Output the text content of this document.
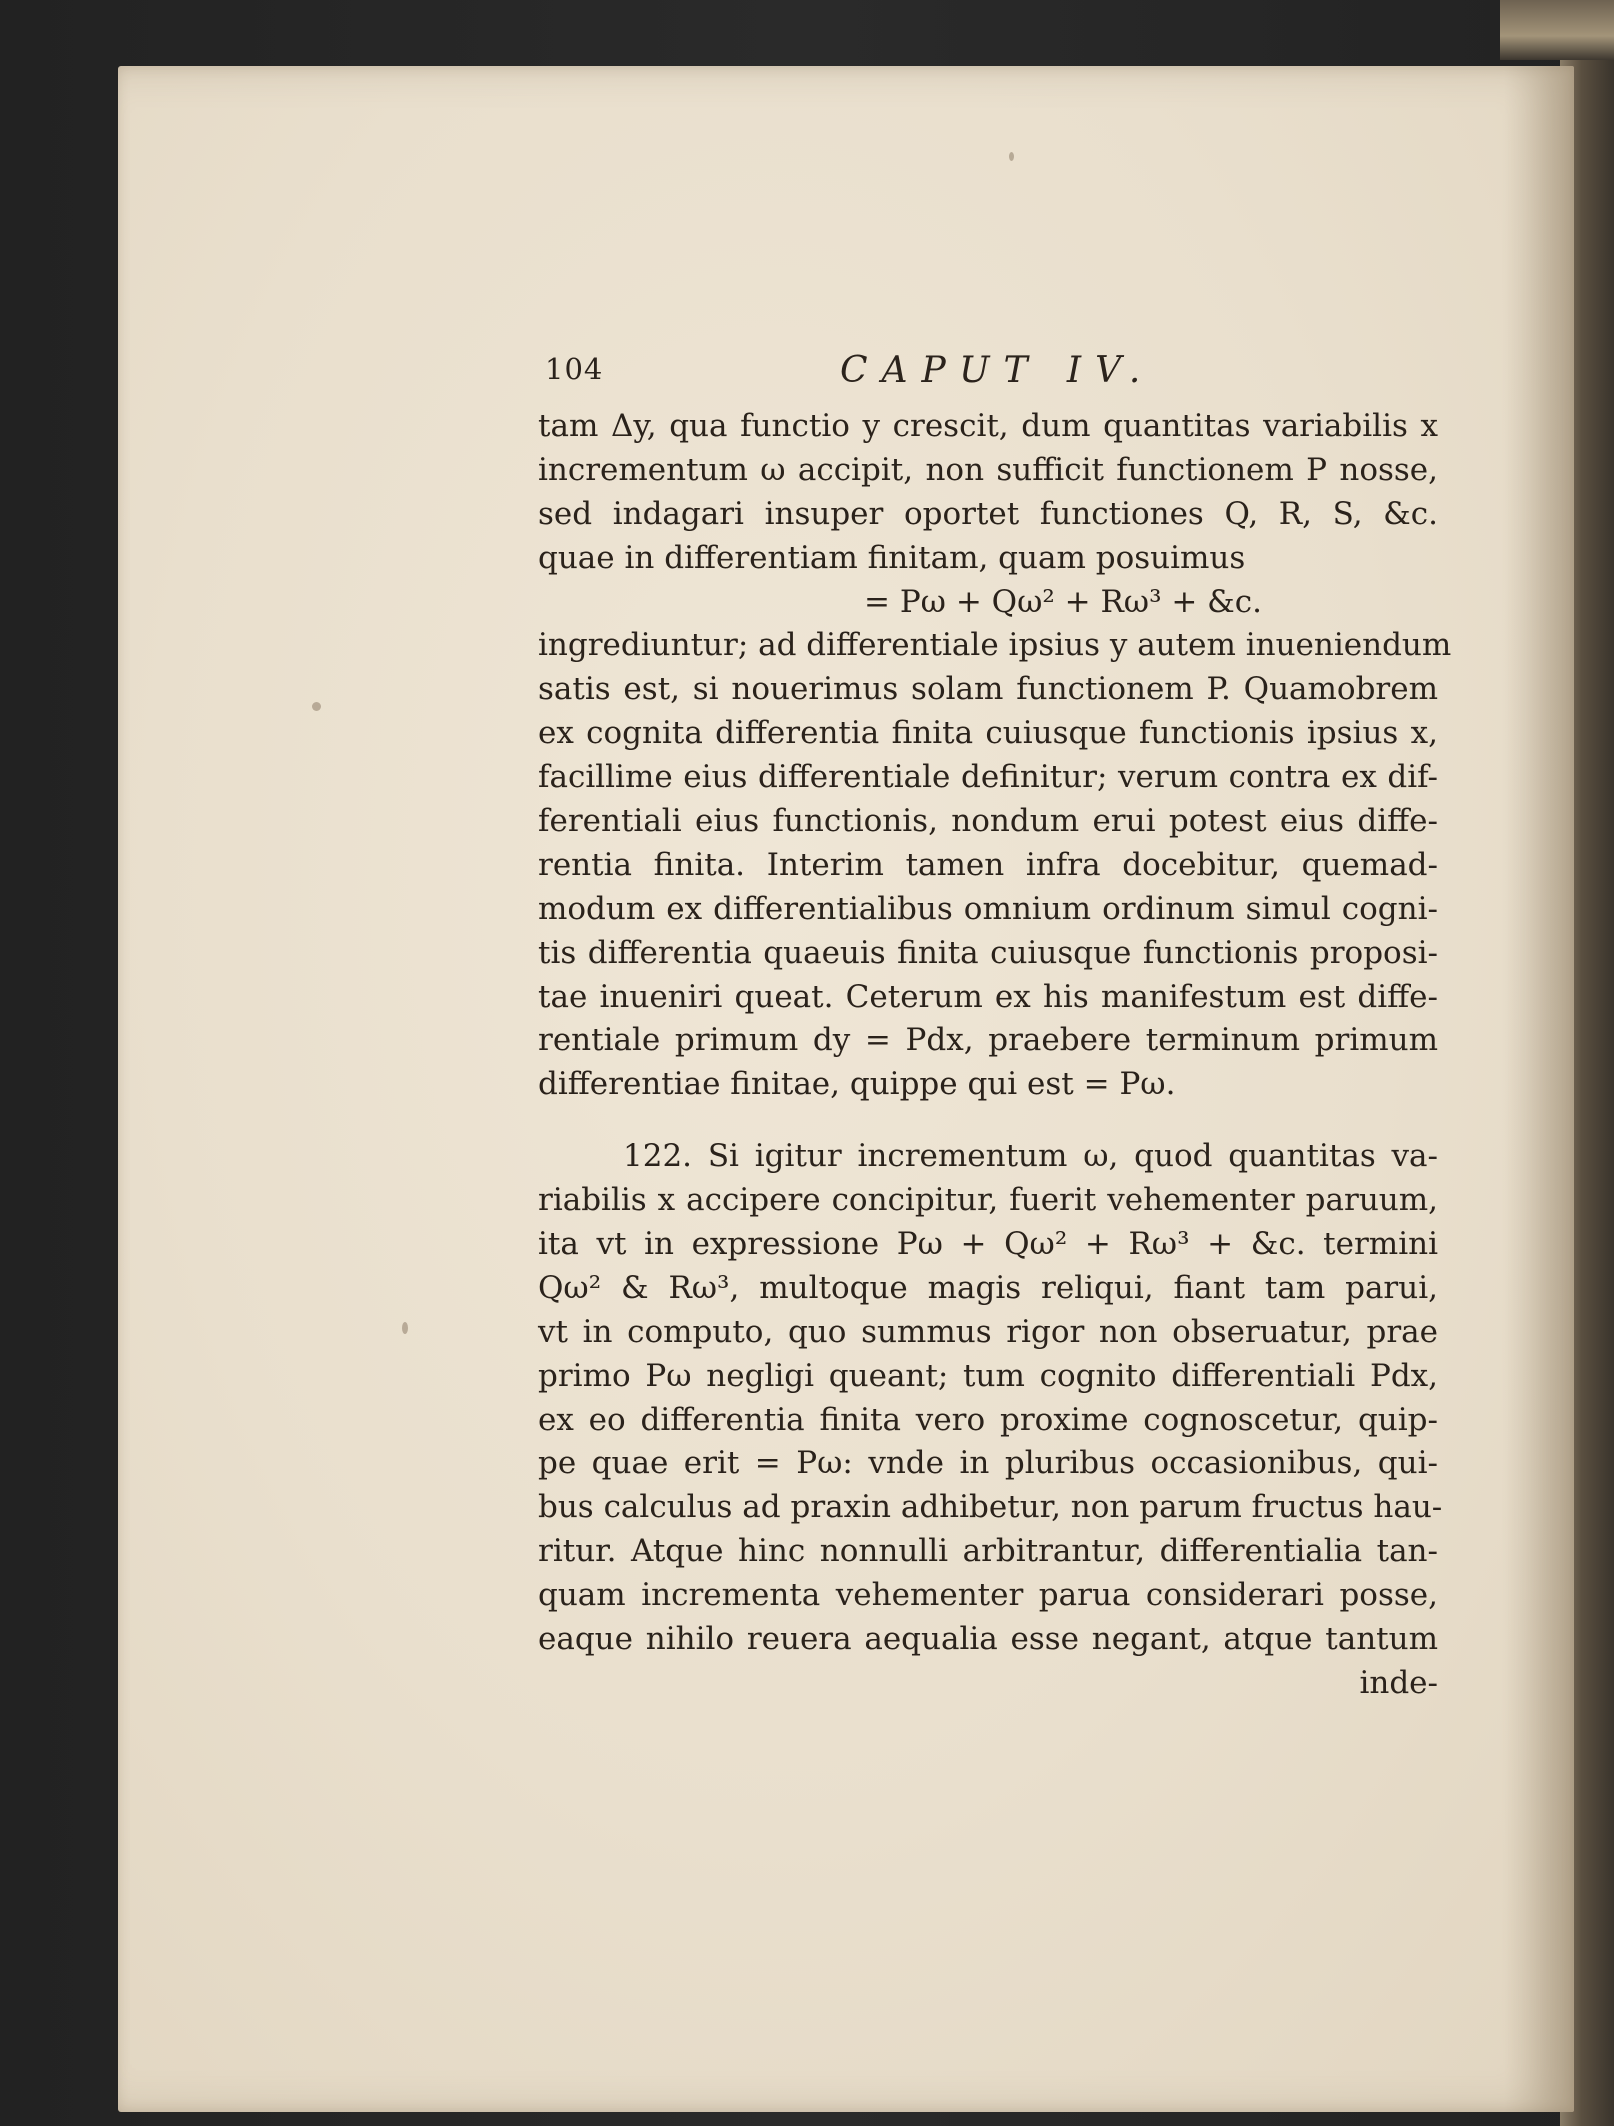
104	CAPUT IV.
tam Δy, qua functio y crescit, dum quantitas variabilis x
incrementum ω accipit, non sufficit functionem P nosse,
sed indagari insuper oportet functiones Q, R, S, &c.
quae in differentiam finitam, quam posuimus
= Pω + Qω² + Rω³ + &c.
ingrediuntur; ad differentiale ipsius y autem inueniendum
satis est, si nouerimus solam functionem P. Quamobrem
ex cognita differentia finita cuiusque functionis ipsius x,
facillime eius differentiale definitur; verum contra ex dif-
ferentiali eius functionis, nondum erui potest eius diffe-
rentia finita. Interim tamen infra docebitur, quemad-
modum ex differentialibus omnium ordinum simul cogni-
tis differentia quaeuis finita cuiusque functionis proposi-
tae inueniri queat. Ceterum ex his manifestum est diffe-
rentiale primum dy = Pdx, praebere terminum primum
differentiae finitae, quippe qui est = Pω.
122. Si igitur incrementum ω, quod quantitas va-
riabilis x accipere concipitur, fuerit vehementer paruum,
ita vt in expressione Pω + Qω² + Rω³ + &c. termini
Qω² & Rω³, multoque magis reliqui, fiant tam parui,
vt in computo, quo summus rigor non obseruatur, prae
primo Pω negligi queant; tum cognito differentiali Pdx,
ex eo differentia finita vero proxime cognoscetur, quip-
pe quae erit = Pω: vnde in pluribus occasionibus, qui-
bus calculus ad praxin adhibetur, non parum fructus hau-
ritur. Atque hinc nonnulli arbitrantur, differentialia tan-
quam incrementa vehementer parua considerari posse,
eaque nihilo reuera aequalia esse negant, atque tantum
inde-
